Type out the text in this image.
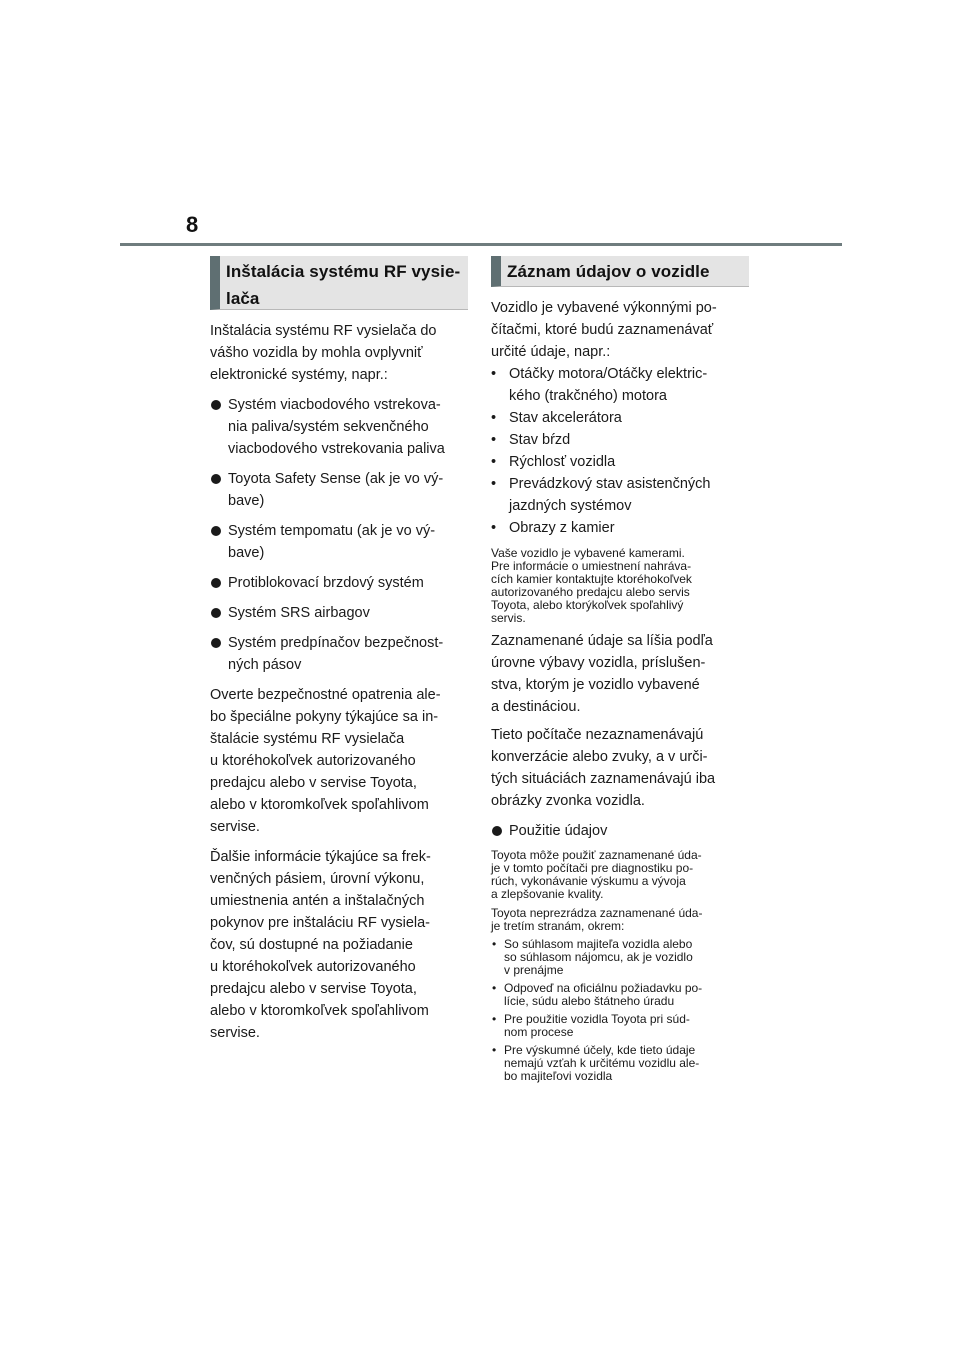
8
Inštalácia systému RF vysie-
lača

Inštalácia systému RF vysielača do
vášho vozidla by mohla ovplyvniť
elektronické systémy, napr.:

Systém viacbodového vstrekova-
nia paliva/systém sekvenčného
viacbodového vstrekovania paliva
Toyota Safety Sense (ak je vo vý-
bave)
Systém tempomatu (ak je vo vý-
bave)
Protiblokovací brzdový systém
Systém SRS airbagov
Systém predpínačov bezpečnost-
ných pásov

Overte bezpečnostné opatrenia ale-
bo špeciálne pokyny týkajúce sa in-
štalácie systému RF vysielača
u ktoréhokoľvek autorizovaného
predajcu alebo v servise Toyota,
alebo v ktoromkoľvek spoľahlivom
servise.

Ďalšie informácie týkajúce sa frek-
venčných pásiem, úrovní výkonu,
umiestnenia antén a inštalačných
pokynov pre inštaláciu RF vysiela-
čov, sú dostupné na požiadanie
u ktoréhokoľvek autorizovaného
predajcu alebo v servise Toyota,
alebo v ktoromkoľvek spoľahlivom
servise.

Záznam údajov o vozidle

Vozidlo je vybavené výkonnými po-
čítačmi, ktoré budú zaznamenávať
určité údaje, napr.:

• Otáčky motora/Otáčky elektric-
kého (trakčného) motora
• Stav akcelerátora
• Stav bŕzd
• Rýchlosť vozidla
• Prevádzkový stav asistenčných
jazdných systémov
• Obrazy z kamier

Vaše vozidlo je vybavené kamerami.
Pre informácie o umiestnení nahráva-
cích kamier kontaktujte ktoréhokoľvek
autorizovaného predajcu alebo servis
Toyota, alebo ktorýkoľvek spoľahlivý
servis.

Zaznamenané údaje sa líšia podľa
úrovne výbavy vozidla, príslušen-
stva, ktorým je vozidlo vybavené
a destináciou.

Tieto počítače nezaznamenávajú
konverzácie alebo zvuky, a v urči-
tých situáciách zaznamenávajú iba
obrázky zvonka vozidla.

Použitie údajov

Toyota môže použiť zaznamenané úda-
je v tomto počítači pre diagnostiku po-
rúch, vykonávanie výskumu a vývoja
a zlepšovanie kvality.

Toyota neprezrádza zaznamenané úda-
je tretím stranám, okrem:

• So súhlasom majiteľa vozidla alebo
so súhlasom nájomcu, ak je vozidlo
v prenájme
• Odpoveď na oficiálnu požiadavku po-
lície, súdu alebo štátneho úradu
• Pre použitie vozidla Toyota pri súd-
nom procese
• Pre výskumné účely, kde tieto údaje
nemajú vzťah k určitému vozidlu ale-
bo majiteľovi vozidla
